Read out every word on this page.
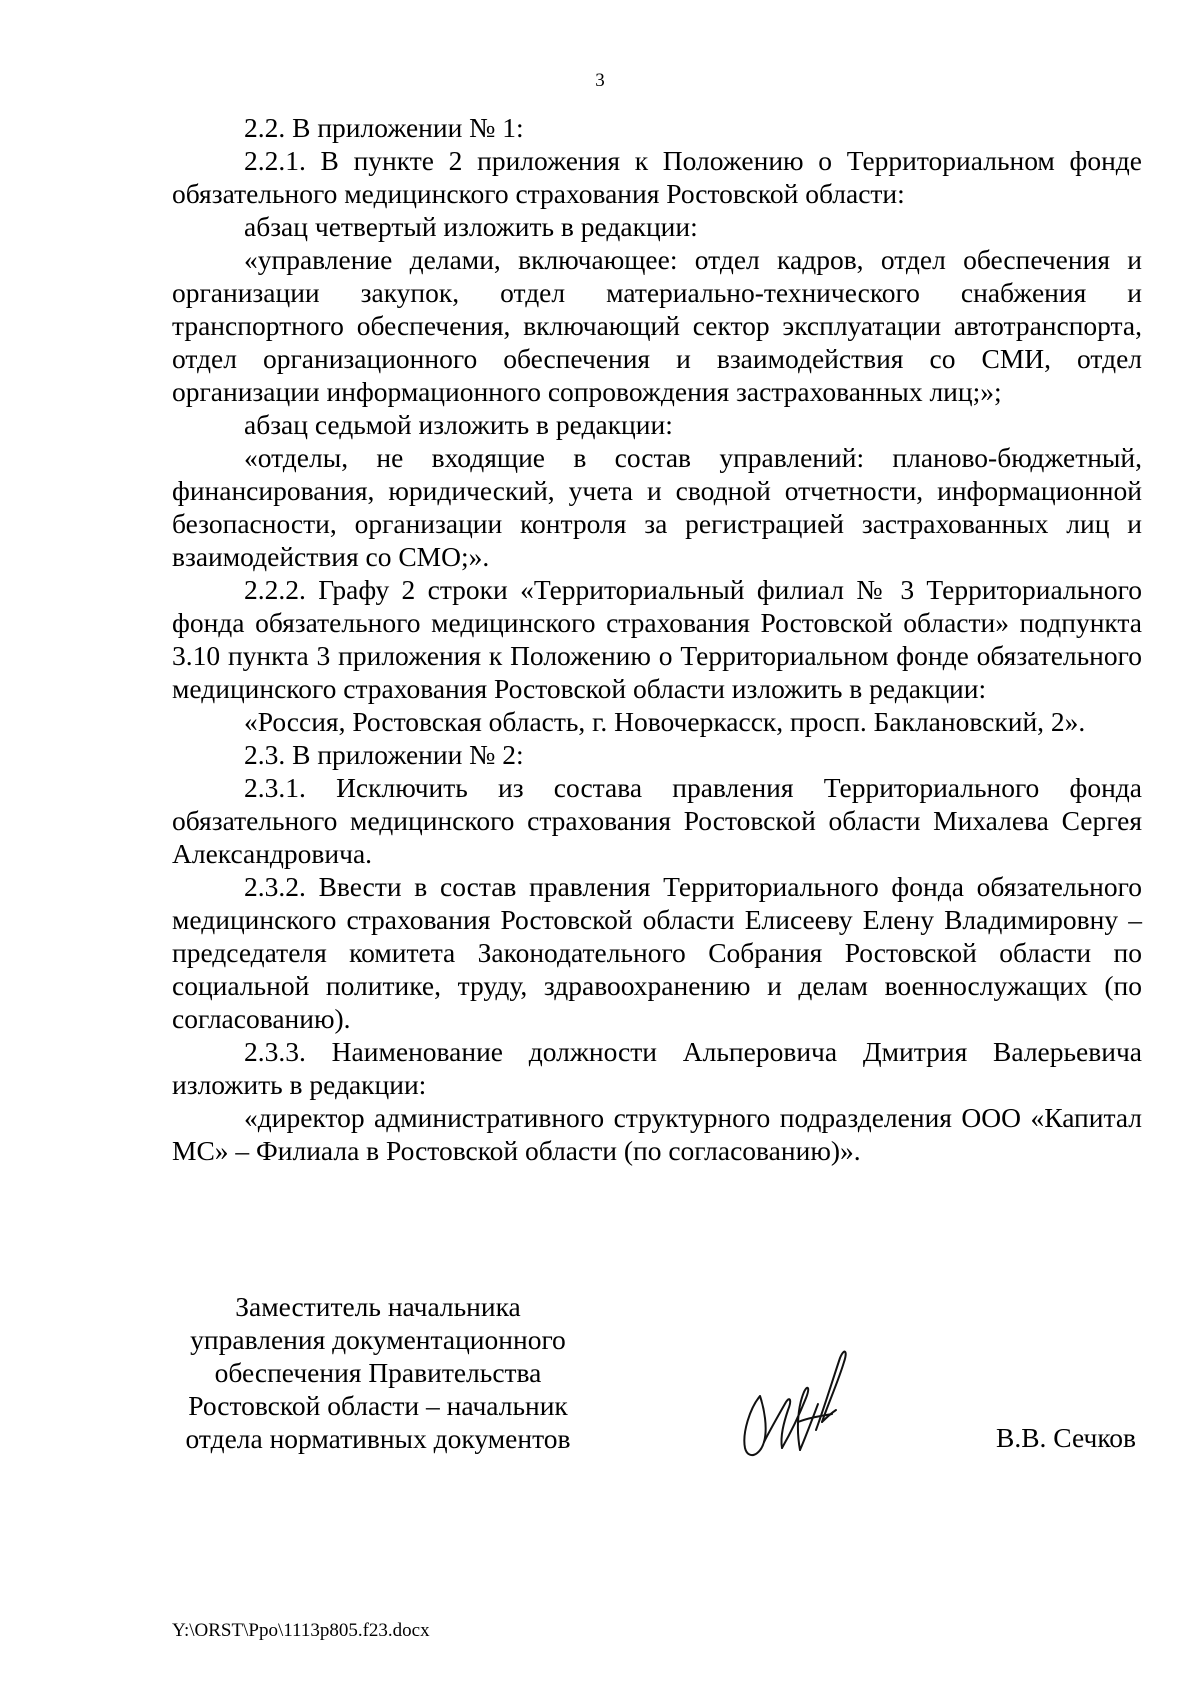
3

2.2. В приложении № 1:

2.2.1. В пункте 2 приложения к Положению о Территориальном фонде обязательного медицинского страхования Ростовской области:

абзац четвертый изложить в редакции:

«управление делами, включающее: отдел кадров, отдел обеспечения и организации закупок, отдел материально-технического снабжения и транспортного обеспечения, включающий сектор эксплуатации автотранспорта, отдел организационного обеспечения и взаимодействия со СМИ, отдел организации информационного сопровождения застрахованных лиц;»;

абзац седьмой изложить в редакции:

«отделы, не входящие в состав управлений: планово-бюджетный, финансирования, юридический, учета и сводной отчетности, информационной безопасности, организации контроля за регистрацией застрахованных лиц и взаимодействия со СМО;».

2.2.2. Графу 2 строки «Территориальный филиал № 3 Территориального фонда обязательного медицинского страхования Ростовской области» подпункта 3.10 пункта 3 приложения к Положению о Территориальном фонде обязательного медицинского страхования Ростовской области изложить в редакции:

«Россия, Ростовская область, г. Новочеркасск, просп. Баклановский, 2».

2.3. В приложении № 2:

2.3.1. Исключить из состава правления Территориального фонда обязательного медицинского страхования Ростовской области Михалева Сергея Александровича.

2.3.2. Ввести в состав правления Территориального фонда обязательного медицинского страхования Ростовской области Елисееву Елену Владимировну – председателя комитета Законодательного Собрания Ростовской области по социальной политике, труду, здравоохранению и делам военнослужащих (по согласованию).

2.3.3. Наименование должности Альперовича Дмитрия Валерьевича изложить в редакции:

«директор административного структурного подразделения ООО «Капитал МС» – Филиала в Ростовской области (по согласованию)».

Заместитель начальника
управления документационного
обеспечения Правительства
Ростовской области – начальник
отдела нормативных документов	В.В. Сечков
Y:\ORST\Ppo\1113p805.f23.docx
